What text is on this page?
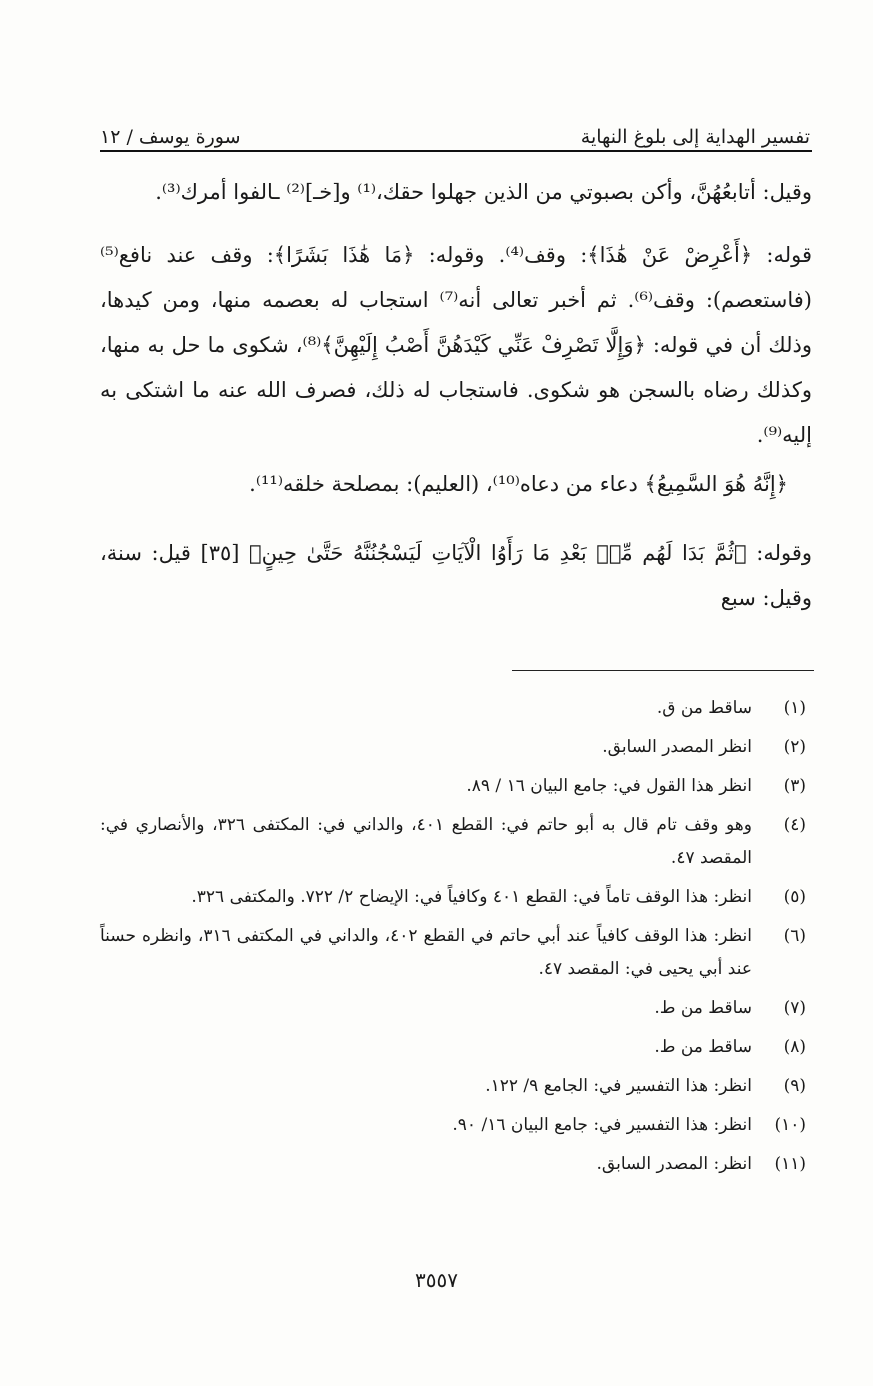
تفسير الهداية إلى بلوغ النهاية
سورة يوسف / ١٢

وقيل: أتابعُهُنَّ، وأكن بصبوتي من الذين جهلوا حقك،⁽¹⁾ و[خـ]⁽²⁾ ـالفوا أمرك⁽³⁾.

قوله: ﴿أَعْرِضْ عَنْ هَٰذَا﴾: وقف⁽⁴⁾. وقوله: ﴿مَا هَٰذَا بَشَرًا﴾: وقف عند نافع⁽⁵⁾ (فاستعصم): وقف⁽⁶⁾. ثم أخبر تعالى أنه⁽⁷⁾ استجاب له بعصمه منها، ومن كيدها، وذلك أن في قوله: ﴿وَإِلَّا تَصْرِفْ عَنِّي كَيْدَهُنَّ أَصْبُ إِلَيْهِنَّ﴾⁽⁸⁾، شكوى ما حل به منها، وكذلك رضاه بالسجن هو شكوى. فاستجاب له ذلك، فصرف الله عنه ما اشتكى به إليه⁽⁹⁾.

﴿إِنَّهُ هُوَ السَّمِيعُ﴾ دعاء من دعاه⁽¹⁰⁾، (العليم): بمصلحة خلقه⁽¹¹⁾.

وقوله: ﴿ثُمَّ بَدَا لَهُم مِّنۢ بَعْدِ مَا رَأَوُا الْآيَاتِ لَيَسْجُنُنَّهُ حَتَّىٰ حِينٍ﴾ [٣٥] قيل: سنة، وقيل: سبع

(١)
ساقط من ق.
(٢)
انظر المصدر السابق.
(٣)
انظر هذا القول في: جامع البيان ١٦ / ٨٩.
(٤)
وهو وقف تام قال به أبو حاتم في: القطع ٤٠١، والداني في: المكتفى ٣٢٦، والأنصاري في: المقصد ٤٧.
(٥)
انظر: هذا الوقف تاماً في: القطع ٤٠١ وكافياً في: الإيضاح ٢/ ٧٢٢. والمكتفى ٣٢٦.
(٦)
انظر: هذا الوقف كافياً عند أبي حاتم في القطع ٤٠٢، والداني في المكتفى ٣١٦، وانظره حسناً عند أبي يحيى في: المقصد ٤٧.
(٧)
ساقط من ط.
(٨)
ساقط من ط.
(٩)
انظر: هذا التفسير في: الجامع ٩/ ١٢٢.
(١٠)
انظر: هذا التفسير في: جامع البيان ١٦/ ٩٠.
(١١)
انظر: المصدر السابق.
٣٥٥٧
